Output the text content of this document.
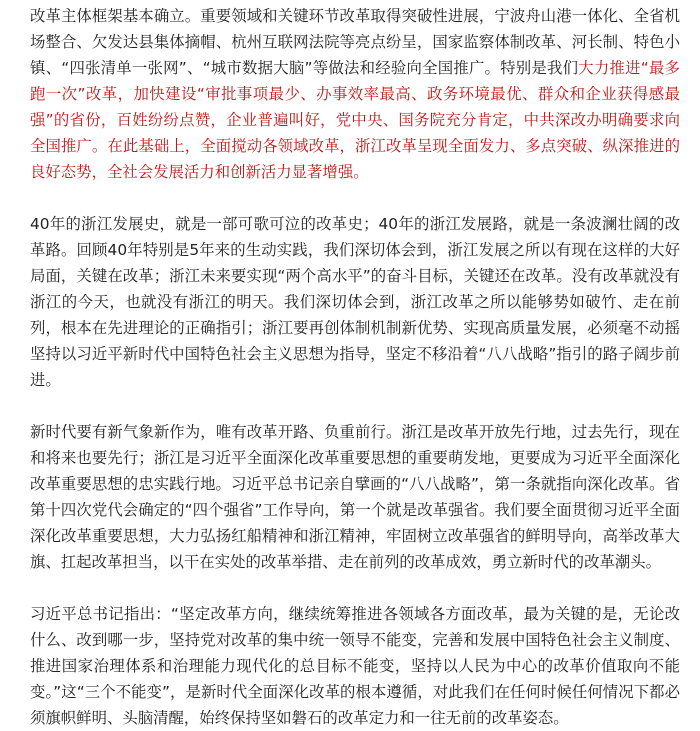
改革主体框架基本确立。重要领域和关键环节改革取得突破性进展，宁波舟山港一体化、全省机场整合、欠发达县集体摘帽、杭州互联网法院等亮点纷呈，国家监察体制改革、河长制、特色小镇、“四张清单一张网”、“城市数据大脑”等做法和经验向全国推广。特别是我们大力推进“最多跑一次”改革，加快建设“审批事项最少、办事效率最高、政务环境最优、群众和企业获得感最强”的省份，百姓纷纷点赞，企业普遍叫好，党中央、国务院充分肯定，中共深改办明确要求向全国推广。在此基础上，全面搅动各领域改革，浙江改革呈现全面发力、多点突破、纵深推进的良好态势，全社会发展活力和创新活力显著增强。

40年的浙江发展史，就是一部可歌可泣的改革史；40年的浙江发展路，就是一条波澜壮阔的改革路。回顾40年特别是5年来的生动实践，我们深切体会到，浙江发展之所以有现在这样的大好局面，关键在改革；浙江未来要实现“两个高水平”的奋斗目标，关键还在改革。没有改革就没有浙江的今天，也就没有浙江的明天。我们深切体会到，浙江改革之所以能够势如破竹、走在前列，根本在先进理论的正确指引；浙江要再创体制机制新优势、实现高质量发展，必须毫不动摇坚持以习近平新时代中国特色社会主义思想为指导，坚定不移沿着“八八战略”指引的路子阔步前进。

新时代要有新气象新作为，唯有改革开路、负重前行。浙江是改革开放先行地，过去先行，现在和将来也要先行；浙江是习近平全面深化改革重要思想的重要萌发地，更要成为习近平全面深化改革重要思想的忠实践行地。习近平总书记亲自擘画的“八八战略”，第一条就指向深化改革。省第十四次党代会确定的“四个强省”工作导向，第一个就是改革强省。我们要全面贯彻习近平全面深化改革重要思想，大力弘扬红船精神和浙江精神，牢固树立改革强省的鲜明导向，高举改革大旗、扛起改革担当，以干在实处的改革举措、走在前列的改革成效，勇立新时代的改革潮头。

习近平总书记指出：“坚定改革方向，继续统筹推进各领域各方面改革，最为关键的是，无论改什么、改到哪一步，坚持党对改革的集中统一领导不能变，完善和发展中国特色社会主义制度、推进国家治理体系和治理能力现代化的总目标不能变，坚持以人民为中心的改革价值取向不能变。”这“三个不能变”，是新时代全面深化改革的根本遵循，对此我们在任何时候任何情况下都必须旗帜鲜明、头脑清醒，始终保持坚如磐石的改革定力和一往无前的改革姿态。
